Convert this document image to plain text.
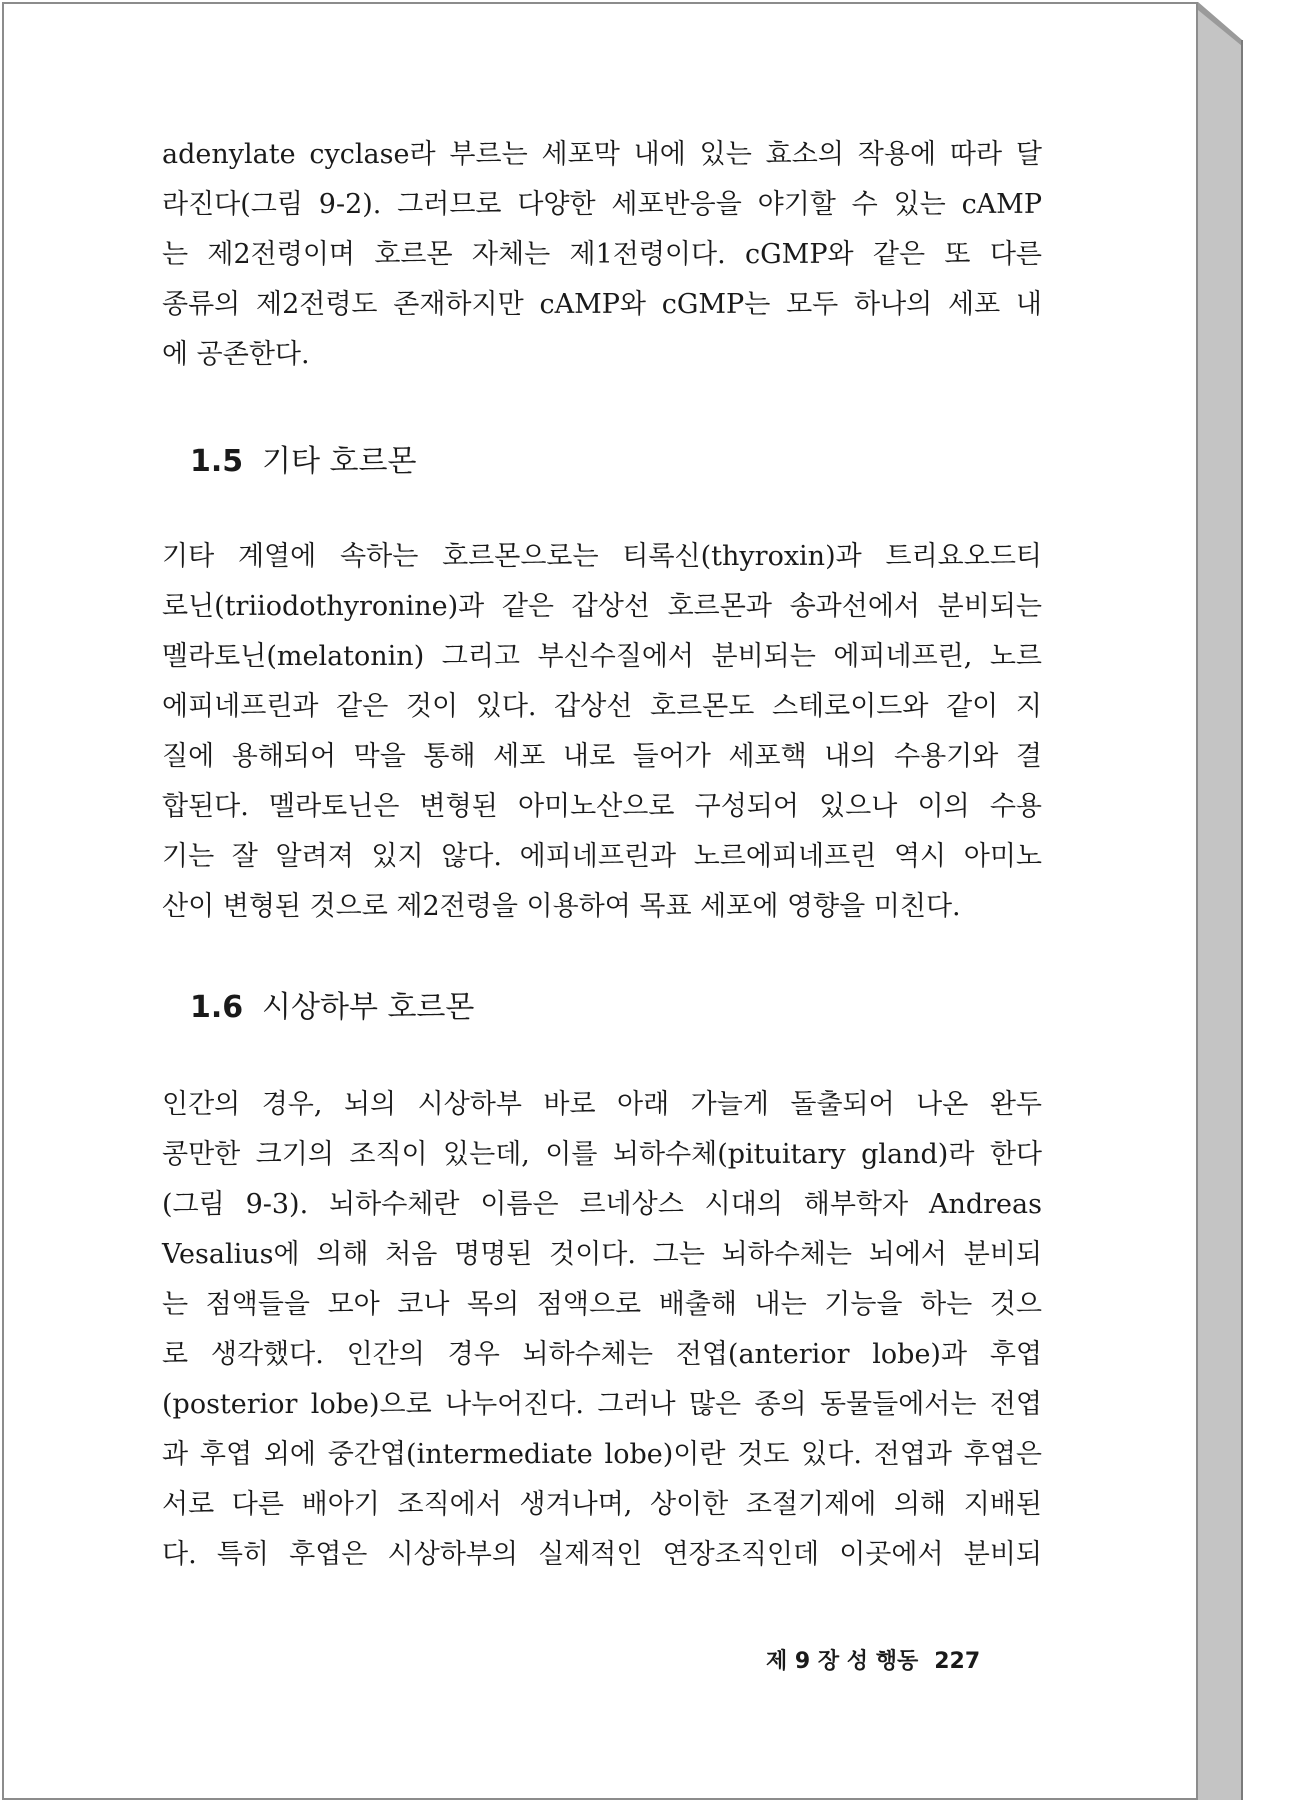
adenylate cyclase라 부르는 세포막 내에 있는 효소의 작용에 따라 달
라진다(그림 9-2). 그러므로 다양한 세포반응을 야기할 수 있는 cAMP
는 제2전령이며 호르몬 자체는 제1전령이다. cGMP와 같은 또 다른
종류의 제2전령도 존재하지만 cAMP와 cGMP는 모두 하나의 세포 내
에 공존한다.

1.5 기타 호르몬

기타 계열에 속하는 호르몬으로는 티록신(thyroxin)과 트리요오드티
로닌(triiodothyronine)과 같은 갑상선 호르몬과 송과선에서 분비되는
멜라토닌(melatonin) 그리고 부신수질에서 분비되는 에피네프린, 노르
에피네프린과 같은 것이 있다. 갑상선 호르몬도 스테로이드와 같이 지
질에 용해되어 막을 통해 세포 내로 들어가 세포핵 내의 수용기와 결
합된다. 멜라토닌은 변형된 아미노산으로 구성되어 있으나 이의 수용
기는 잘 알려져 있지 않다. 에피네프린과 노르에피네프린 역시 아미노
산이 변형된 것으로 제2전령을 이용하여 목표 세포에 영향을 미친다.

1.6 시상하부 호르몬

인간의 경우, 뇌의 시상하부 바로 아래 가늘게 돌출되어 나온 완두
콩만한 크기의 조직이 있는데, 이를 뇌하수체(pituitary gland)라 한다
(그림 9-3). 뇌하수체란 이름은 르네상스 시대의 해부학자 Andreas
Vesalius에 의해 처음 명명된 것이다. 그는 뇌하수체는 뇌에서 분비되
는 점액들을 모아 코나 목의 점액으로 배출해 내는 기능을 하는 것으
로 생각했다. 인간의 경우 뇌하수체는 전엽(anterior lobe)과 후엽
(posterior lobe)으로 나누어진다. 그러나 많은 종의 동물들에서는 전엽
과 후엽 외에 중간엽(intermediate lobe)이란 것도 있다. 전엽과 후엽은
서로 다른 배아기 조직에서 생겨나며, 상이한 조절기제에 의해 지배된
다. 특히 후엽은 시상하부의 실제적인 연장조직인데 이곳에서 분비되

제 9 장 성 행동 227
